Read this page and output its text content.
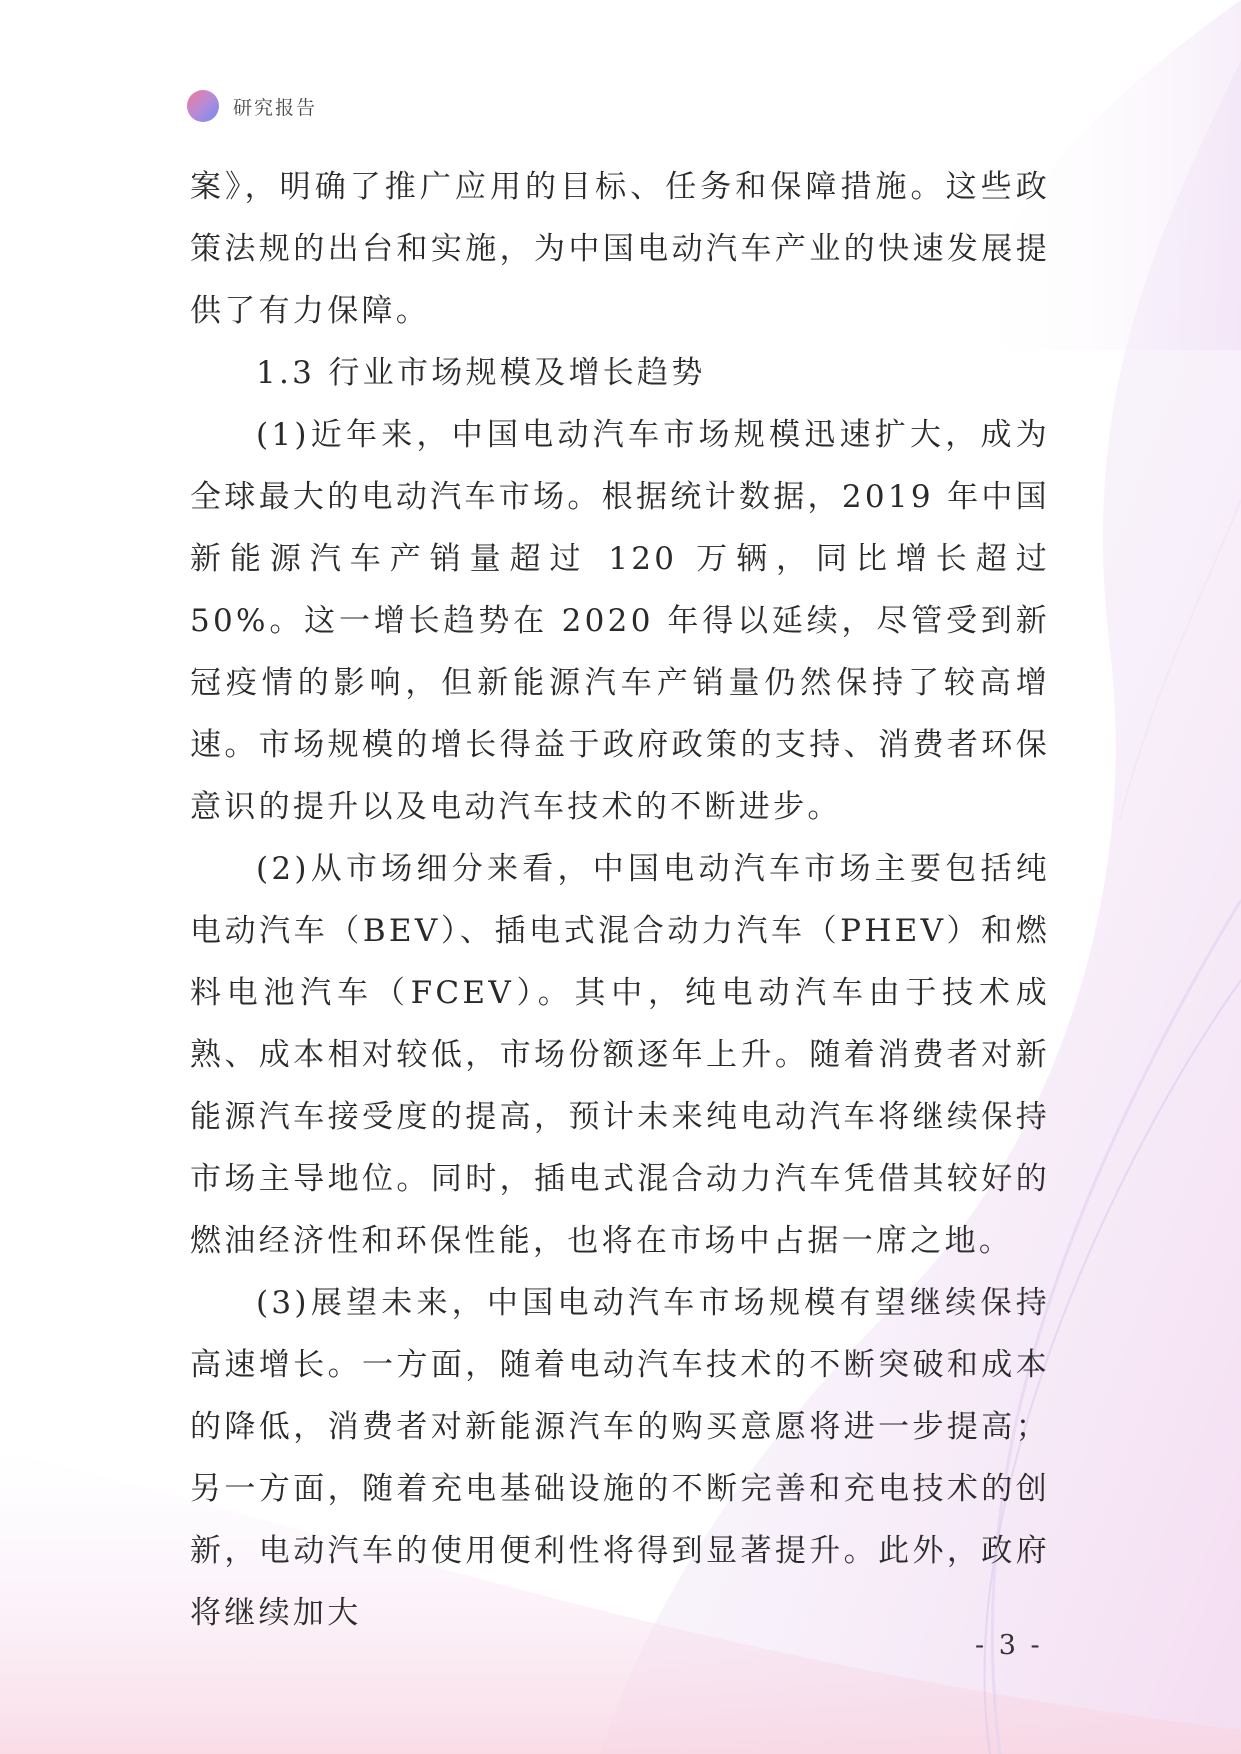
研究报告

案》，明确了推广应用的目标、任务和保障措施。这些政策法规的出台和实施，为中国电动汽车产业的快速发展提供了有力保障。

1.3 行业市场规模及增长趋势

(1)近年来，中国电动汽车市场规模迅速扩大，成为全球最大的电动汽车市场。根据统计数据，2019 年中国新能源汽车产销量超过 120 万辆，同比增长超过 50%。这一增长趋势在 2020 年得以延续，尽管受到新冠疫情的影响，但新能源汽车产销量仍然保持了较高增速。市场规模的增长得益于政府政策的支持、消费者环保意识的提升以及电动汽车技术的不断进步。

(2)从市场细分来看，中国电动汽车市场主要包括纯电动汽车（BEV）、插电式混合动力汽车（PHEV）和燃料电池汽车（FCEV）。其中，纯电动汽车由于技术成熟、成本相对较低，市场份额逐年上升。随着消费者对新能源汽车接受度的提高，预计未来纯电动汽车将继续保持市场主导地位。同时，插电式混合动力汽车凭借其较好的燃油经济性和环保性能，也将在市场中占据一席之地。

(3)展望未来，中国电动汽车市场规模有望继续保持高速增长。一方面，随着电动汽车技术的不断突破和成本的降低，消费者对新能源汽车的购买意愿将进一步提高；另一方面，随着充电基础设施的不断完善和充电技术的创新，电动汽车的使用便利性将得到显著提升。此外，政府将继续加大

- 3 -
